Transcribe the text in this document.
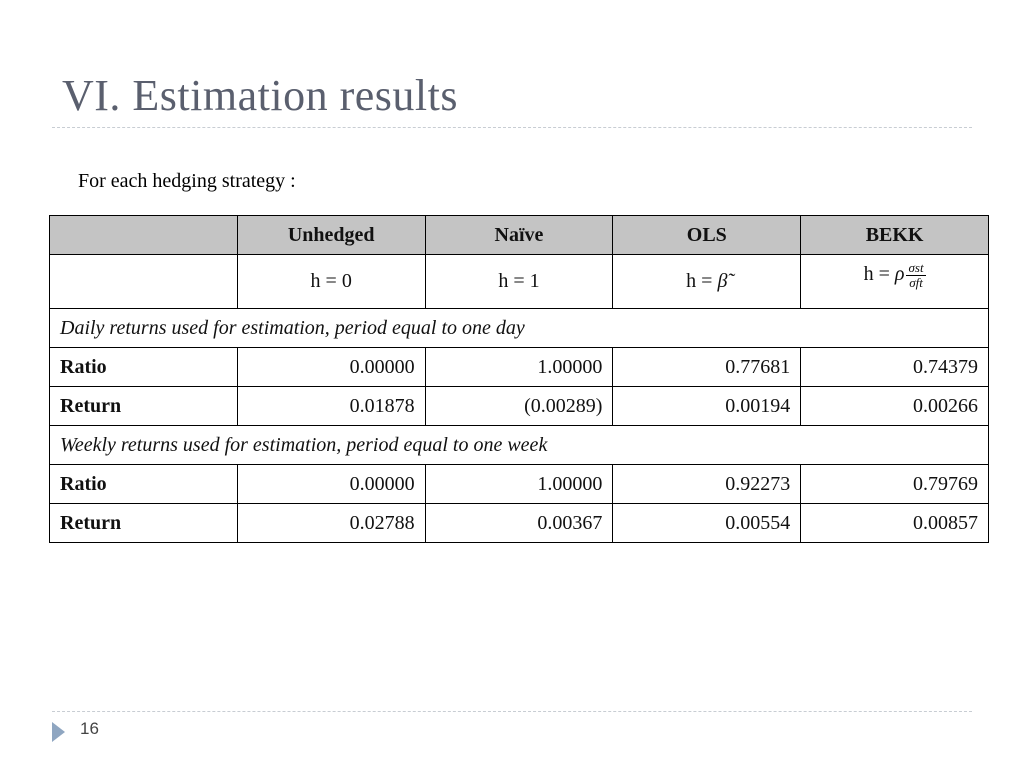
VI. Estimation results
For each hedging strategy :
	Unhedged	Naïve	OLS	BEKK
	h = 0	h = 1	h = β̃	h = ρ $\frac{\text{σst}}{\text{σft}}$

Daily returns used for estimation, period equal to one day				
Ratio	0.00000	1.00000	0.77681	0.74379
Return	0.01878	(0.00289)	0.00194	0.00266
Weekly returns used for estimation, period equal to one week				
Ratio	0.00000	1.00000	0.92273	0.79769
Return	0.02788	0.00367	0.00554	0.00857
16
